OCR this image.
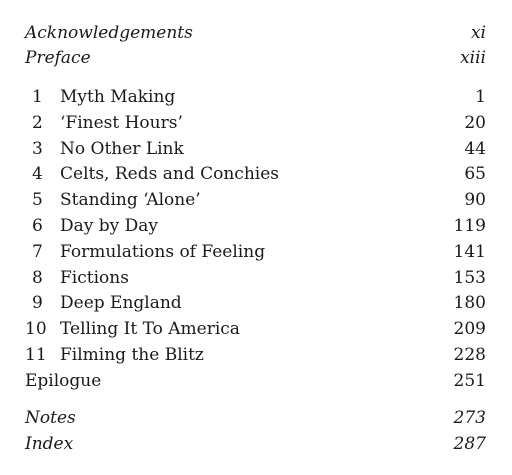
Acknowledgements	xi
Preface	xiii
1	Myth Making	1
2	‘Finest Hours’	20
3	No Other Link	44
4	Celts, Reds and Conchies	65
5	Standing ‘Alone’	90
6	Day by Day	119
7	Formulations of Feeling	141
8	Fictions	153
9	Deep England	180
10 Telling It To America	209
11 Filming the Blitz	228
Epilogue	251
Notes	273
Index	287
